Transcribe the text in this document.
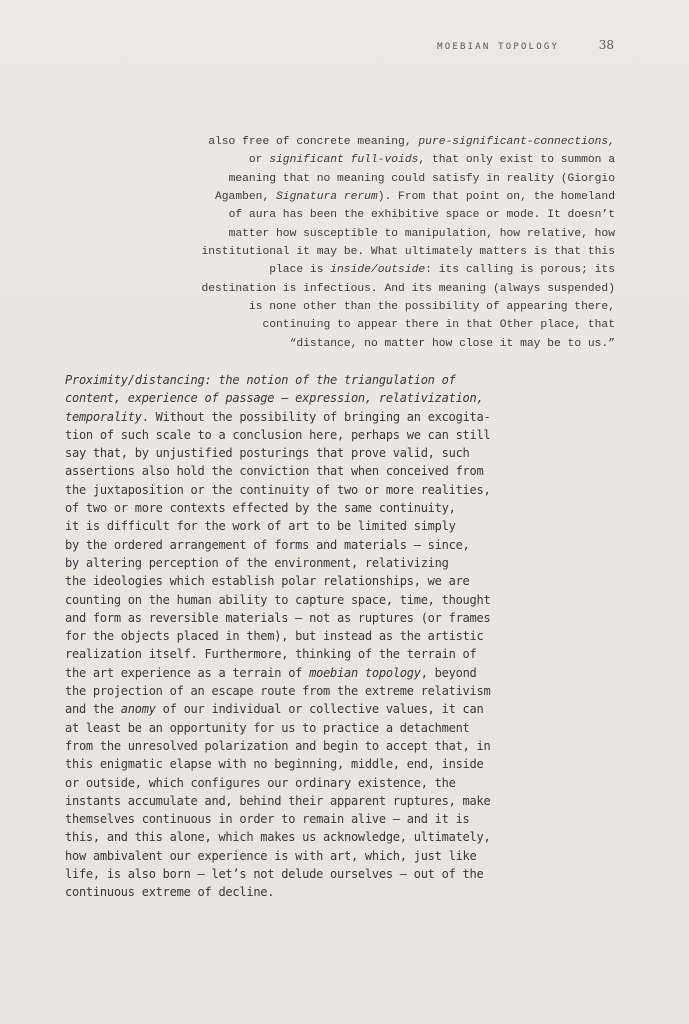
MOEBIAN TOPOLOGY	38
also free of concrete meaning, pure-significant-connections,
or significant full-voids, that only exist to summon a
meaning that no meaning could satisfy in reality (Giorgio
Agamben, Signatura rerum). From that point on, the homeland
of aura has been the exhibitive space or mode. It doesn’t
matter how susceptible to manipulation, how relative, how
institutional it may be. What ultimately matters is that this
place is inside/outside: its calling is porous; its
destination is infectious. And its meaning (always suspended)
is none other than the possibility of appearing there,
continuing to appear there in that Other place, that
“distance, no matter how close it may be to us.”
Proximity/distancing: the notion of the triangulation of
content, experience of passage – expression, relativization,
temporality. Without the possibility of bringing an excogita-
tion of such scale to a conclusion here, perhaps we can still
say that, by unjustified posturings that prove valid, such
assertions also hold the conviction that when conceived from
the juxtaposition or the continuity of two or more realities,
of two or more contexts effected by the same continuity,
it is difficult for the work of art to be limited simply
by the ordered arrangement of forms and materials – since,
by altering perception of the environment, relativizing
the ideologies which establish polar relationships, we are
counting on the human ability to capture space, time, thought
and form as reversible materials – not as ruptures (or frames
for the objects placed in them), but instead as the artistic
realization itself. Furthermore, thinking of the terrain of
the art experience as a terrain of moebian topology, beyond
the projection of an escape route from the extreme relativism
and the anomy of our individual or collective values, it can
at least be an opportunity for us to practice a detachment
from the unresolved polarization and begin to accept that, in
this enigmatic elapse with no beginning, middle, end, inside
or outside, which configures our ordinary existence, the
instants accumulate and, behind their apparent ruptures, make
themselves continuous in order to remain alive – and it is
this, and this alone, which makes us acknowledge, ultimately,
how ambivalent our experience is with art, which, just like
life, is also born – let’s not delude ourselves – out of the
continuous extreme of decline.
